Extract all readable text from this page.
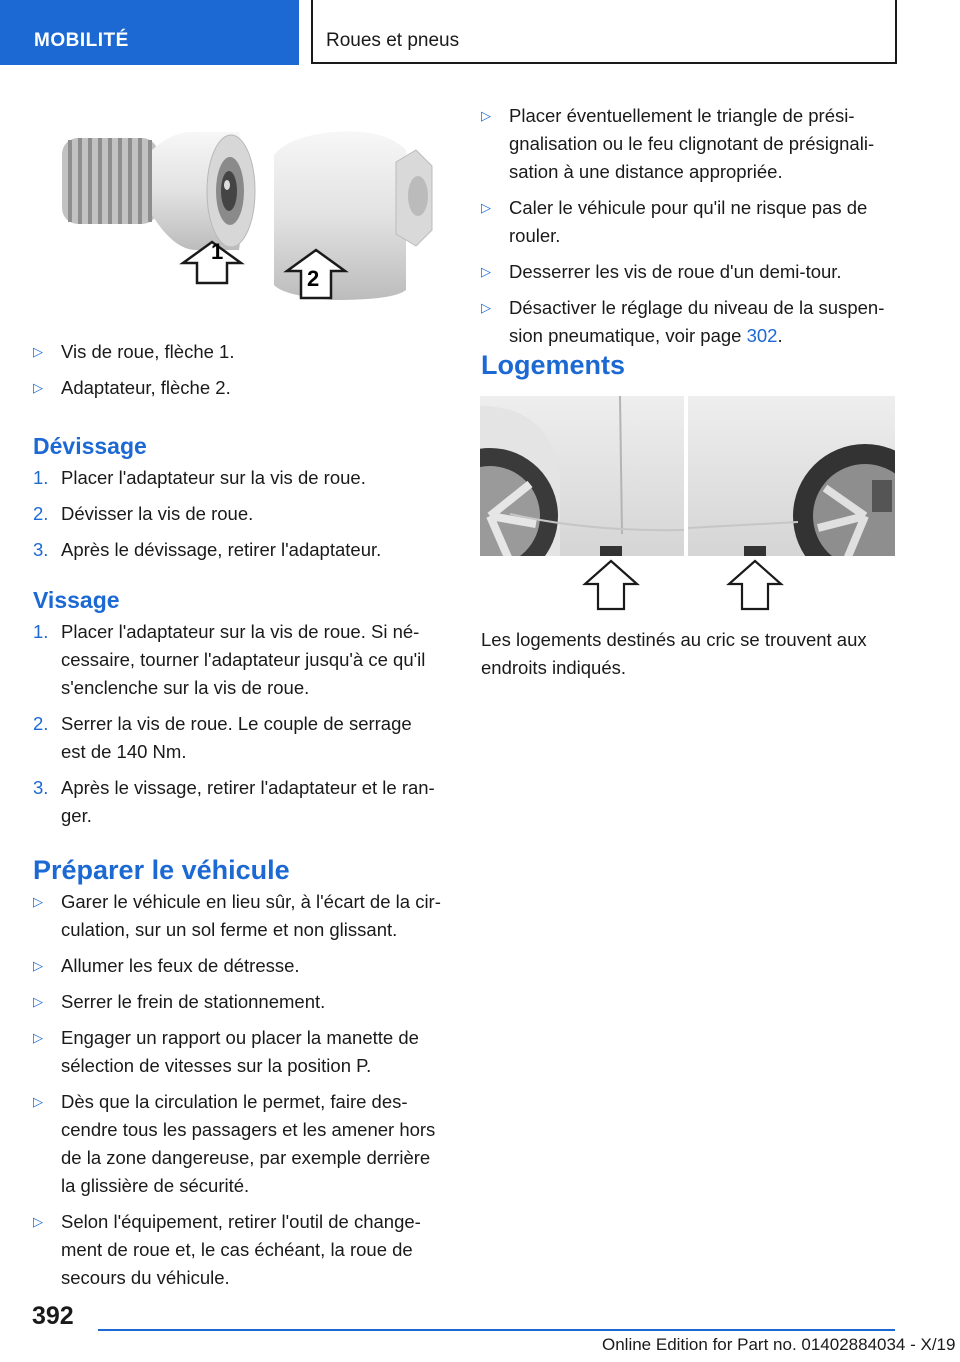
MOBILITÉ	Roues et pneus
1
2
▷ Vis de roue, flèche 1.
▷ Adaptateur, flèche 2.

Dévissage

1. Placer l'adaptateur sur la vis de roue.
2. Dévisser la vis de roue.
3. Après le dévissage, retirer l'adaptateur.

Vissage

1. Placer l'adaptateur sur la vis de roue. Si né‐
cessaire, tourner l'adaptateur jusqu'à ce qu'il
s'enclenche sur la vis de roue.
2. Serrer la vis de roue. Le couple de serrage
est de 140 Nm.
3. Après le vissage, retirer l'adaptateur et le ran‐
ger.

Préparer le véhicule

▷ Garer le véhicule en lieu sûr, à l'écart de la cir‐
culation, sur un sol ferme et non glissant.
▷ Allumer les feux de détresse.
▷ Serrer le frein de stationnement.
▷ Engager un rapport ou placer la manette de
sélection de vitesses sur la position P.
▷ Dès que la circulation le permet, faire des‐
cendre tous les passagers et les amener hors
de la zone dangereuse, par exemple derrière
la glissière de sécurité.
▷ Selon l'équipement, retirer l'outil de change‐
ment de roue et, le cas échéant, la roue de
secours du véhicule.
▷ Placer éventuellement le triangle de prési‐
gnalisation ou le feu clignotant de présignali‐
sation à une distance appropriée.
▷ Caler le véhicule pour qu'il ne risque pas de
rouler.
▷ Desserrer les vis de roue d'un demi-tour.
▷ Désactiver le réglage du niveau de la suspen‐
sion pneumatique, voir page 302.

Logements

Les logements destinés au cric se trouvent aux
endroits indiqués.
392
Online Edition for Part no. 01402884034 - X/19
